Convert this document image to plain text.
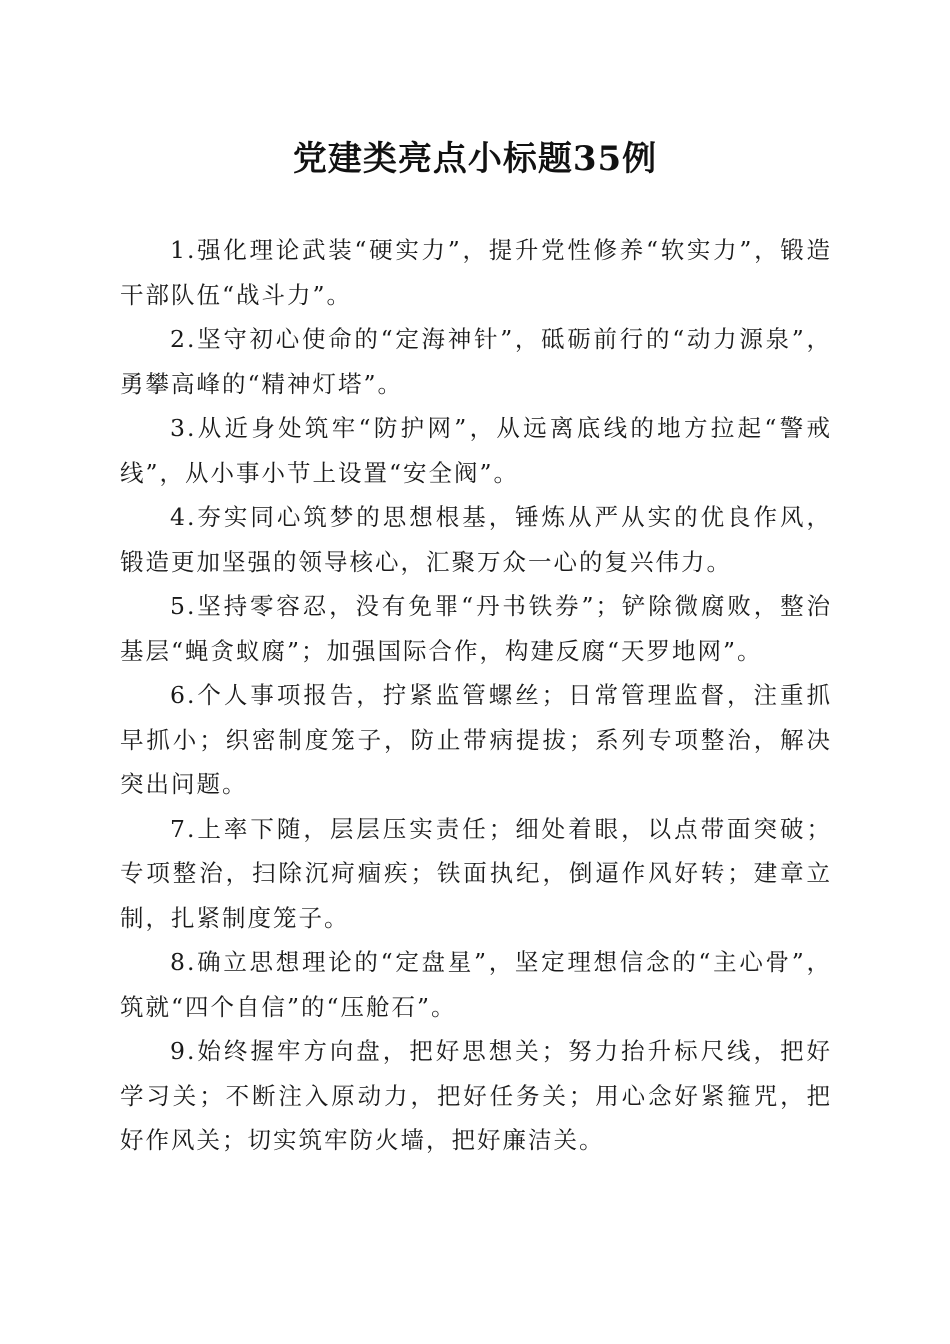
党建类亮点小标题35例

1.强化理论武装“硬实力”，提升党性修养“软实力”，锻造干部队伍“战斗力”。

2.坚守初心使命的“定海神针”，砥砺前行的“动力源泉”，勇攀高峰的“精神灯塔”。

3.从近身处筑牢“防护网”，从远离底线的地方拉起“警戒线”，从小事小节上设置“安全阀”。

4.夯实同心筑梦的思想根基，锤炼从严从实的优良作风，锻造更加坚强的领导核心，汇聚万众一心的复兴伟力。

5.坚持零容忍，没有免罪“丹书铁券”；铲除微腐败，整治基层“蝇贪蚁腐”；加强国际合作，构建反腐“天罗地网”。

6.个人事项报告，拧紧监管螺丝；日常管理监督，注重抓早抓小；织密制度笼子，防止带病提拔；系列专项整治，解决突出问题。

7.上率下随，层层压实责任；细处着眼，以点带面突破；专项整治，扫除沉疴痼疾；铁面执纪，倒逼作风好转；建章立制，扎紧制度笼子。

8.确立思想理论的“定盘星”，坚定理想信念的“主心骨”，筑就“四个自信”的“压舱石”。

9.始终握牢方向盘，把好思想关；努力抬升标尺线，把好学习关；不断注入原动力，把好任务关；用心念好紧箍咒，把好作风关；切实筑牢防火墙，把好廉洁关。
